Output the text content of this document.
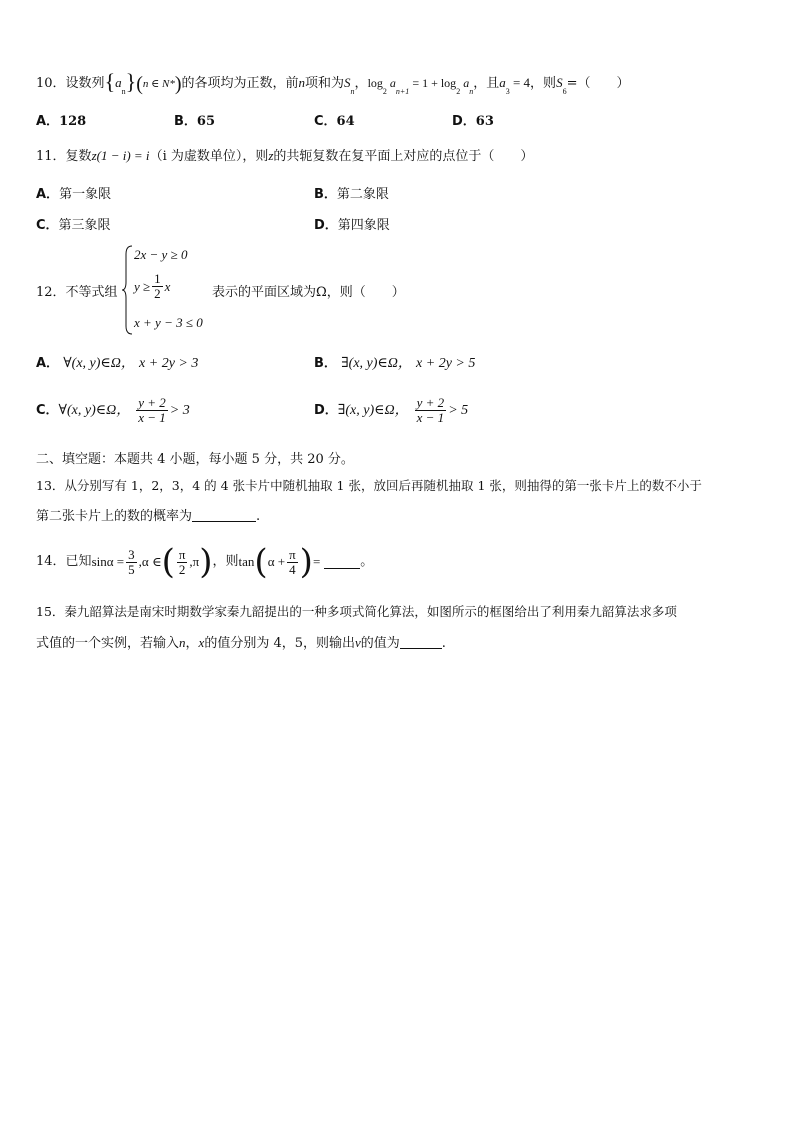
10．设数列$\{a_n\}(n$ ∈ N*)的各项均为正数，前n项和为$S_n$，$\log_2 a_{n+1} = 1 + \log_2 a_n$，且$a_3 = 4$，则$S_6=$（　　）
A．128	B．65	C．64	D．63
11．复数z(1 − i) = i（i 为虚数单位），则z的共轭复数在复平面上对应的点位于（　　）
A．第一象限	B．第二象限
C．第三象限	D．第四象限
12．不等式组
2x − y ≥ 0
$y \ge \frac{1}{2}$ x
x + y − 3 ≤ 0
表示的平面区域为Ω，则（　　）
A． ∀(x, y)∈Ω， x + 2y > 3	B． ∃(x, y)∈Ω， x + 2y > 5
C． ∀(x, y)∈Ω， $\frac{y + 2}{x - 1} > 3$	D． ∃(x, y)∈Ω， $\frac{y + 2}{x - 1} > 5$
二、填空题：本题共 4 小题，每小题 5 分，共 20 分。
13．从分别写有 1，2，3，4 的 4 张卡片中随机抽取 1 张，放回后再随机抽取 1 张，则抽得的第一张卡片上的数不小于
第二张卡片上的数的概率为	.
14． 已知 $\sin\alpha = \frac{3}{5} ,\alpha$ ∈ ( $\frac{\pi}{2} ,\pi$ ) ，则 tan ( $\alpha + \frac{\pi}{4}$ ) =	。
15．秦九韶算法是南宋时期数学家秦九韶提出的一种多项式简化算法，如图所示的框图给出了利用秦九韶算法求多项
式值的一个实例，若输入n，x的值分别为 4，5，则输出v的值为	.
